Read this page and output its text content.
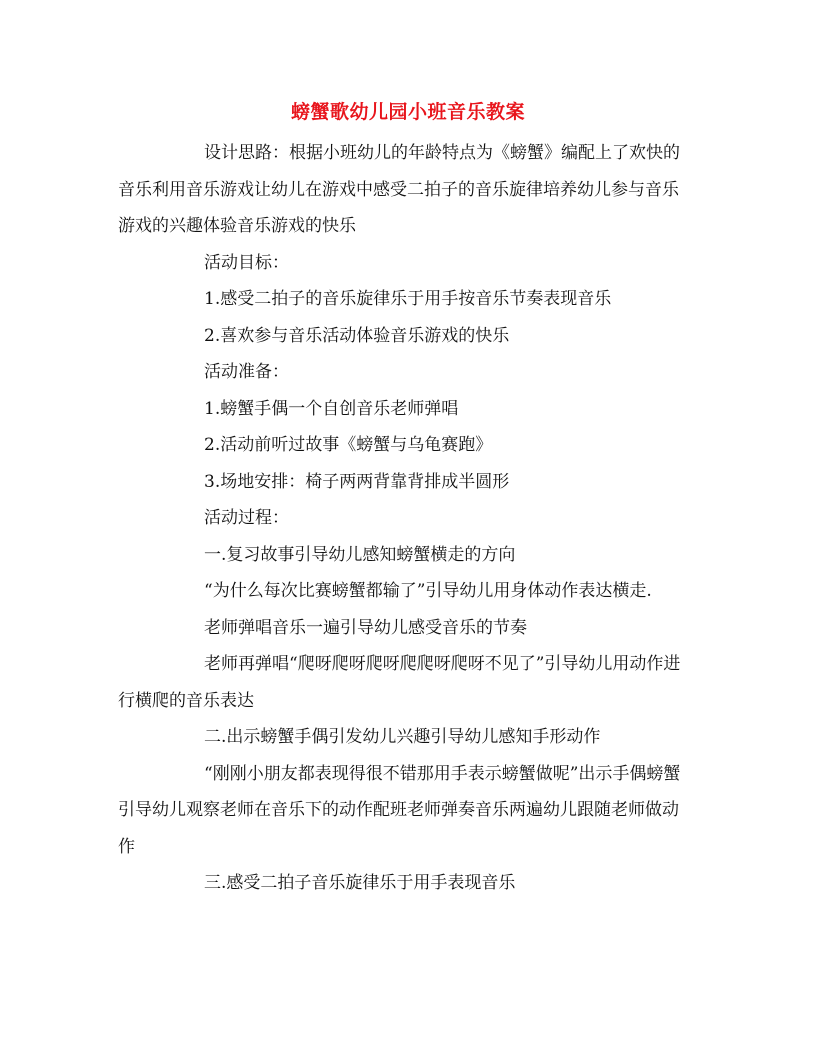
螃蟹歌幼儿园小班音乐教案

设计思路：根据小班幼儿的年龄特点为《螃蟹》编配上了欢快的音乐利用音乐游戏让幼儿在游戏中感受二拍子的音乐旋律培养幼儿参与音乐游戏的兴趣体验音乐游戏的快乐

活动目标：

1.感受二拍子的音乐旋律乐于用手按音乐节奏表现音乐

2.喜欢参与音乐活动体验音乐游戏的快乐

活动准备：

1.螃蟹手偶一个自创音乐老师弹唱

2.活动前听过故事《螃蟹与乌龟赛跑》

3.场地安排：椅子两两背靠背排成半圆形

活动过程：

一.复习故事引导幼儿感知螃蟹横走的方向

“为什么每次比赛螃蟹都输了”引导幼儿用身体动作表达横走.

老师弹唱音乐一遍引导幼儿感受音乐的节奏

老师再弹唱“爬呀爬呀爬呀爬爬呀爬呀不见了”引导幼儿用动作进行横爬的音乐表达

二.出示螃蟹手偶引发幼儿兴趣引导幼儿感知手形动作

“刚刚小朋友都表现得很不错那用手表示螃蟹做呢”出示手偶螃蟹引导幼儿观察老师在音乐下的动作配班老师弹奏音乐两遍幼儿跟随老师做动作

三.感受二拍子音乐旋律乐于用手表现音乐
